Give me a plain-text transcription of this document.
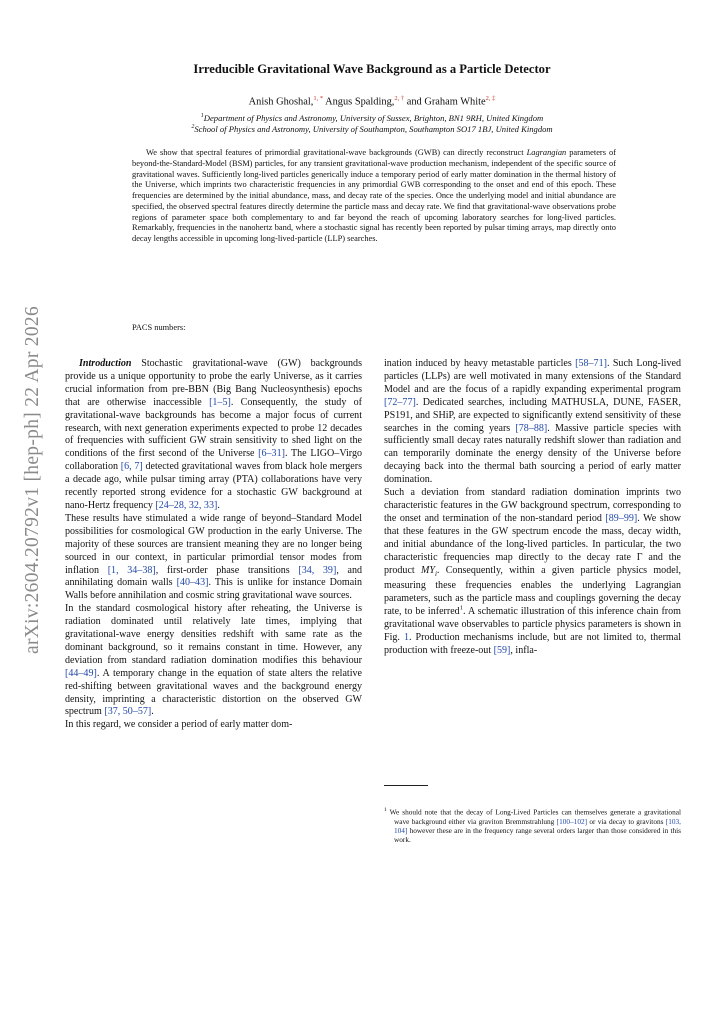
arXiv:2604.20792v1 [hep-ph] 22 Apr 2026
Irreducible Gravitational Wave Background as a Particle Detector
Anish Ghoshal,$^{1, *}$ Angus Spalding,$^{2, \dagger}$ and Graham White$^{2, \ddagger}$
$^1$Department of Physics and Astronomy, University of Sussex, Brighton, BN1 9RH, United Kingdom
$^2$School of Physics and Astronomy, University of Southampton, Southampton SO17 1BJ, United Kingdom

We show that spectral features of primordial gravitational-wave backgrounds (GWB) can directly reconstruct Lagrangian parameters of beyond-the-Standard-Model (BSM) particles, for any transient gravitational-wave production mechanism, independent of the specific source of gravitational waves. Sufficiently long-lived particles generically induce a temporary period of early matter domination in the thermal history of the Universe, which imprints two characteristic frequencies in any primordial GWB corresponding to the onset and end of this epoch. These frequencies are determined by the initial abundance, mass, and decay rate of the species. Once the underlying model and initial abundance are specified, the observed spectral features directly determine the particle mass and decay rate. We find that gravitational-wave observations probe regions of parameter space both complementary to and far beyond the reach of upcoming laboratory searches for long-lived particles. Remarkably, frequencies in the nanohertz band, where a stochastic signal has recently been reported by pulsar timing arrays, map directly onto decay lengths accessible in upcoming long-lived-particle (LLP) searches.

PACS numbers:

Introduction Stochastic gravitational-wave (GW) backgrounds provide us a unique opportunity to probe the early Universe, as it carries crucial information from pre-BBN (Big Bang Nucleosynthesis) epochs that are otherwise inaccessible [1–5]. Consequently, the study of gravitational-wave backgrounds has become a major focus of current research, with next generation experiments expected to probe 12 decades of frequencies with sufficient GW strain sensitivity to shed light on the conditions of the first second of the Universe [6–31]. The LIGO–Virgo collaboration [6, 7] detected gravitational waves from black hole mergers a decade ago, while pulsar timing array (PTA) collaborations have very recently reported strong evidence for a stochastic GW background at nano-Hertz frequency [24–28, 32, 33].

These results have stimulated a wide range of beyond–Standard Model possibilities for cosmological GW production in the early Universe. The majority of these sources are transient meaning they are no longer being sourced in our context, in particular primordial tensor modes from inflation [1, 34–38], first-order phase transitions [34, 39], and annihilating domain walls [40–43]. This is unlike for instance Domain Walls before annihilation and cosmic string gravitational wave sources.

In the standard cosmological history after reheating, the Universe is radiation dominated until relatively late times, implying that gravitational-wave energy densities redshift with same rate as the dominant background, so it remains constant in time. However, any deviation from standard radiation domination modifies this behaviour [44–49]. A temporary change in the equation of state alters the relative red-shifting between gravitational waves and the background energy density, imprinting a characteristic distortion on the observed GW spectrum [37, 50–57].

In this regard, we consider a period of early matter dom-

ination induced by heavy metastable particles [58–71]. Such Long-lived particles (LLPs) are well motivated in many extensions of the Standard Model and are the focus of a rapidly expanding experimental program [72–77]. Dedicated searches, including MATHUSLA, DUNE, FASER, PS191, and SHiP, are expected to significantly extend sensitivity of these searches in the coming years [78–88]. Massive particle species with sufficiently small decay rates naturally redshift slower than radiation and can temporarily dominate the energy density of the Universe before decaying back into the thermal bath sourcing a period of early matter domination.

Such a deviation from standard radiation domination imprints two characteristic features in the GW background spectrum, corresponding to the onset and termination of the non-standard period [89–99]. We show that these features in the GW spectrum encode the mass, decay width, and initial abundance of the long-lived particles. In particular, the two characteristic frequencies map directly to the decay rate Γ and the product $MY_i$. Consequently, within a given particle physics model, measuring these frequencies enables the underlying Lagrangian parameters, such as the particle mass and couplings governing the decay rate, to be inferred$^1$. A schematic illustration of this inference chain from gravitational wave observables to particle physics parameters is shown in Fig. 1. Production mechanisms include, but are not limited to, thermal production with freeze-out [59], infla-

$^1$ We should note that the decay of Long-Lived Particles can themselves generate a gravitational wave background either via graviton Bremmstrahlung [100–102] or via decay to gravitons [103, 104] however these are in the frequency range several orders larger than those considered in this work.
